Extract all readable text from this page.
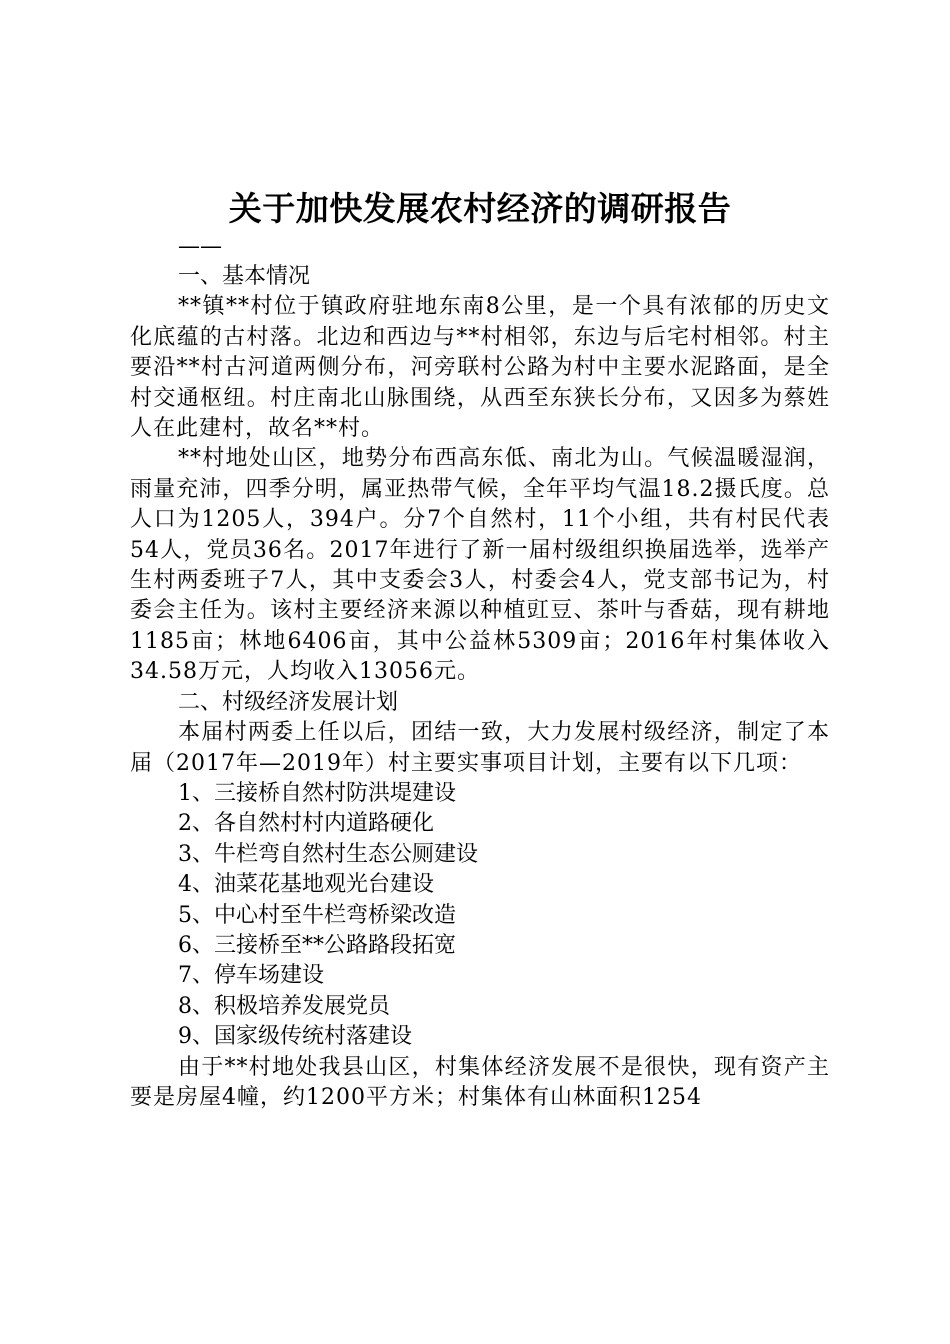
关于加快发展农村经济的调研报告
——

一、基本情况

**镇**村位于镇政府驻地东南8公里，是一个具有浓郁的历史文化底蕴的古村落。北边和西边与**村相邻，东边与后宅村相邻。村主要沿**村古河道两侧分布，河旁联村公路为村中主要水泥路面，是全村交通枢纽。村庄南北山脉围绕，从西至东狭长分布，又因多为蔡姓人在此建村，故名**村。

**村地处山区，地势分布西高东低、南北为山。气候温暖湿润，雨量充沛，四季分明，属亚热带气候，全年平均气温18.2摄氏度。总人口为1205人，394户。分7个自然村，11个小组，共有村民代表54人，党员36名。2017年进行了新一届村级组织换届选举，选举产生村两委班子7人，其中支委会3人，村委会4人，党支部书记为，村委会主任为。该村主要经济来源以种植豇豆、茶叶与香菇，现有耕地1185亩；林地6406亩，其中公益林5309亩；2016年村集体收入34.58万元，人均收入13056元。

二、村级经济发展计划

本届村两委上任以后，团结一致，大力发展村级经济，制定了本届（2017年—2019年）村主要实事项目计划，主要有以下几项：

1、三接桥自然村防洪堤建设

2、各自然村村内道路硬化

3、牛栏弯自然村生态公厕建设

4、油菜花基地观光台建设

5、中心村至牛栏弯桥梁改造

6、三接桥至**公路路段拓宽

7、停车场建设

8、积极培养发展党员

9、国家级传统村落建设

由于**村地处我县山区，村集体经济发展不是很快，现有资产主要是房屋4幢，约1200平方米；村集体有山林面积1254
